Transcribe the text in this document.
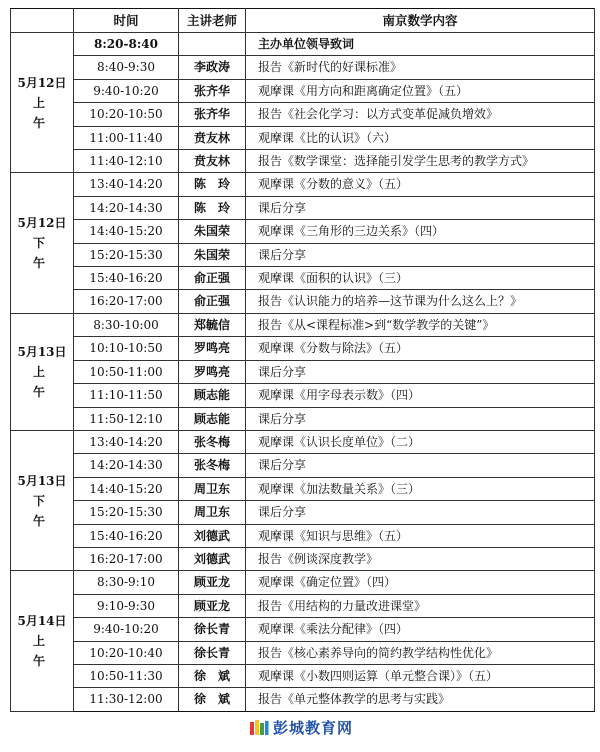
	时间	主讲老师	南京数学内容

5月12日
上 午	8:20-8:40		主办单位领导致词
	8:40-9:30	李政涛	报告《新时代的好课标准》
	9:40-10:20	张齐华	观摩课《用方向和距离确定位置》（五）
	10:20-10:50	张齐华	报告《社会化学习：以方式变革促减负增效》
	11:00-11:40	贲友林	观摩课《比的认识》（六）
	11:40-12:10	贲友林	报告《数学课堂：选择能引发学生思考的教学方式》

5月12日
下 午	13:40-14:20	陈　玲	观摩课《分数的意义》（五）
	14:20-14:30	陈　玲	课后分享
	14:40-15:20	朱国荣	观摩课《三角形的三边关系》（四）
	15:20-15:30	朱国荣	课后分享
	15:40-16:20	俞正强	观摩课《面积的认识》（三）
	16:20-17:00	俞正强	报告《认识能力的培养—这节课为什么这么上？》

5月13日
上 午	8:30-10:00	郑毓信	报告《从<课程标准>到“数学教学的关键”》
	10:10-10:50	罗鸣亮	观摩课《分数与除法》（五）
	10:50-11:00	罗鸣亮	课后分享
	11:10-11:50	顾志能	观摩课《用字母表示数》（四）
	11:50-12:10	顾志能	课后分享

5月13日
下 午	13:40-14:20	张冬梅	观摩课《认识长度单位》（二）
	14:20-14:30	张冬梅	课后分享
	14:40-15:20	周卫东	观摩课《加法数量关系》（三）
	15:20-15:30	周卫东	课后分享
	15:40-16:20	刘德武	观摩课《知识与思维》（五）
	16:20-17:00	刘德武	报告《例谈深度教学》

5月14日
上 午	8:30-9:10	顾亚龙	观摩课《确定位置》（四）
	9:10-9:30	顾亚龙	报告《用结构的力量改进课堂》
	9:40-10:20	徐长青	观摩课《乘法分配律》（四）
	10:20-10:40	徐长青	报告《核心素养导向的简约教学结构性优化》
	10:50-11:30	徐　斌	观摩课《小数四则运算（单元整合课）》（五）
	11:30-12:00	徐　斌	报告《单元整体教学的思考与实践》
彭城教育网
